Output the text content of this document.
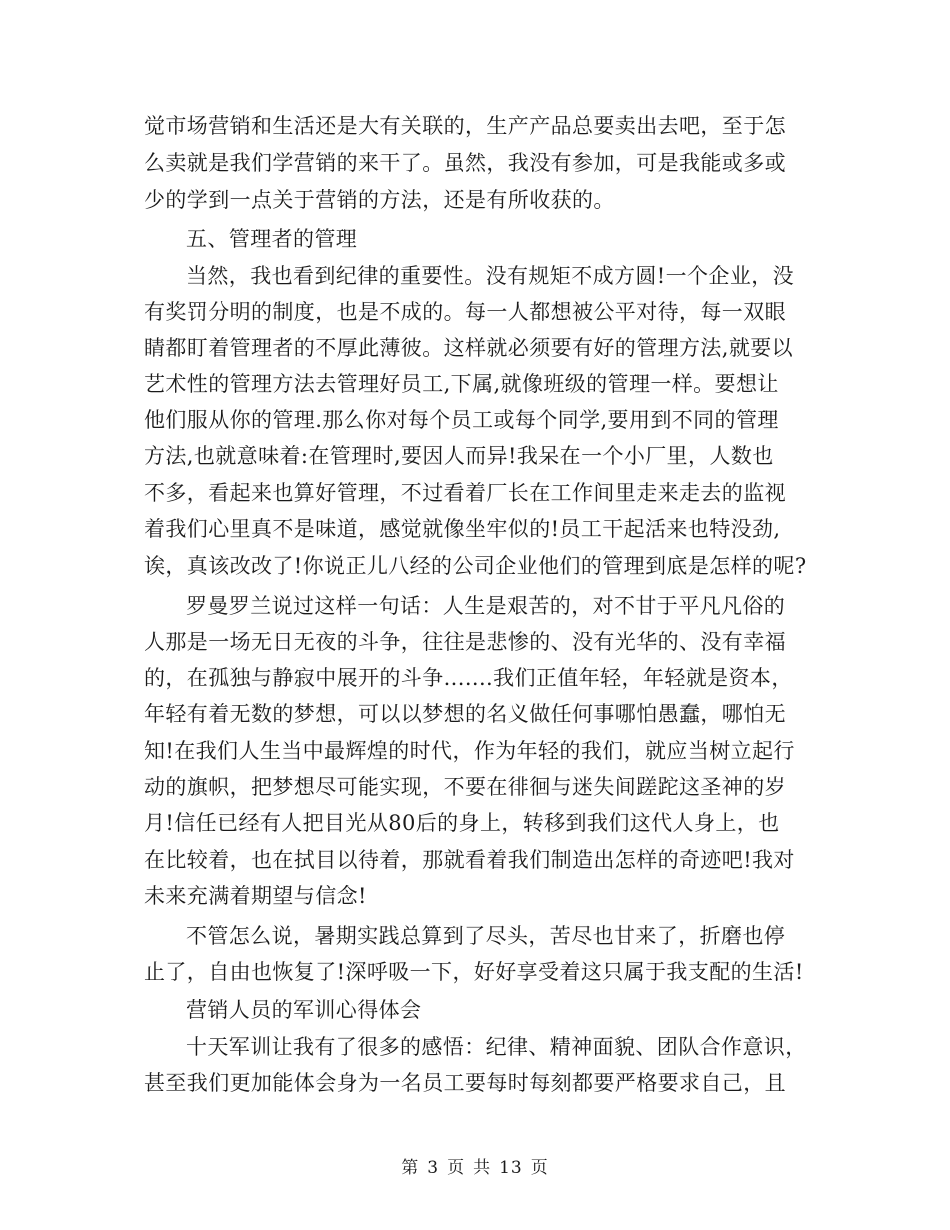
觉市场营销和生活还是大有关联的，生产产品总要卖出去吧，至于怎
么卖就是我们学营销的来干了。虽然，我没有参加，可是我能或多或
少的学到一点关于营销的方法，还是有所收获的。
五、管理者的管理
当然，我也看到纪律的重要性。没有规矩不成方圆!一个企业，没
有奖罚分明的制度，也是不成的。每一人都想被公平对待，每一双眼
睛都盯着管理者的不厚此薄彼。这样就必须要有好的管理方法,就要以
艺术性的管理方法去管理好员工,下属,就像班级的管理一样。要想让
他们服从你的管理.那么你对每个员工或每个同学,要用到不同的管理
方法,也就意味着:在管理时,要因人而异!我呆在一个小厂里，人数也
不多，看起来也算好管理，不过看着厂长在工作间里走来走去的监视
着我们心里真不是味道，感觉就像坐牢似的!员工干起活来也特没劲,
诶，真该改改了!你说正儿八经的公司企业他们的管理到底是怎样的呢?
罗曼罗兰说过这样一句话：人生是艰苦的，对不甘于平凡凡俗的
人那是一场无日无夜的斗争，往往是悲惨的、没有光华的、没有幸福
的，在孤独与静寂中展开的斗争.......我们正值年轻，年轻就是资本，
年轻有着无数的梦想，可以以梦想的名义做任何事哪怕愚蠢，哪怕无
知!在我们人生当中最辉煌的时代，作为年轻的我们，就应当树立起行
动的旗帜，把梦想尽可能实现，不要在徘徊与迷失间蹉跎这圣神的岁
月!信任已经有人把目光从80后的身上，转移到我们这代人身上，也
在比较着，也在拭目以待着，那就看着我们制造出怎样的奇迹吧!我对
未来充满着期望与信念!
不管怎么说，暑期实践总算到了尽头，苦尽也甘来了，折磨也停
止了，自由也恢复了!深呼吸一下，好好享受着这只属于我支配的生活!
营销人员的军训心得体会
十天军训让我有了很多的感悟：纪律、精神面貌、团队合作意识，
甚至我们更加能体会身为一名员工要每时每刻都要严格要求自己，且
第 3 页 共 13 页
